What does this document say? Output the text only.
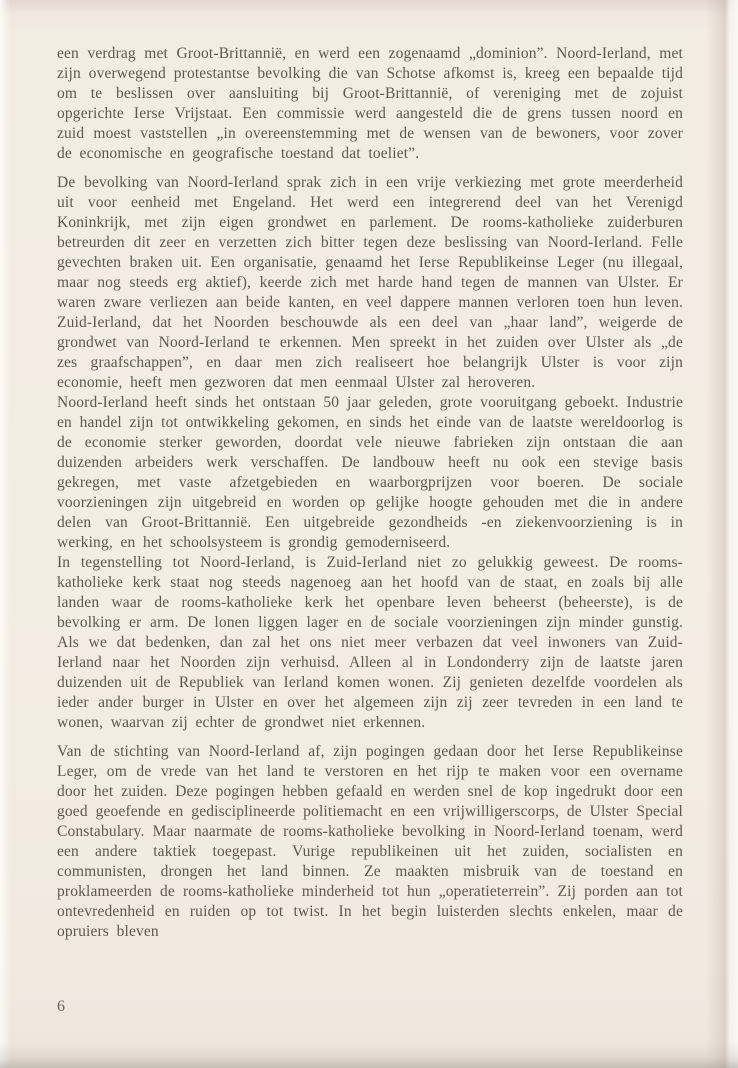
een verdrag met Groot-Brittannië, en werd een zogenaamd „dominion”. Noord-Ierland, met zijn overwegend protestantse bevolking die van Schotse afkomst is, kreeg een bepaalde tijd om te beslissen over aansluiting bij Groot-Brittannië, of vereniging met de zojuist opgerichte Ierse Vrijstaat. Een commissie werd aangesteld die de grens tussen noord en zuid moest vaststellen „in overeenstemming met de wensen van de bewoners, voor zover de economische en geografische toestand dat toeliet”.

De bevolking van Noord-Ierland sprak zich in een vrije verkiezing met grote meerderheid uit voor eenheid met Engeland. Het werd een integrerend deel van het Verenigd Koninkrijk, met zijn eigen grondwet en parlement. De rooms-katholieke zuiderburen betreurden dit zeer en verzetten zich bitter tegen deze beslissing van Noord-Ierland. Felle gevechten braken uit. Een organisatie, genaamd het Ierse Republikeinse Leger (nu illegaal, maar nog steeds erg aktief), keerde zich met harde hand tegen de mannen van Ulster. Er waren zware verliezen aan beide kanten, en veel dappere mannen verloren toen hun leven. Zuid-Ierland, dat het Noorden beschouwde als een deel van „haar land”, weigerde de grondwet van Noord-Ierland te erkennen. Men spreekt in het zuiden over Ulster als „de zes graafschappen”, en daar men zich realiseert hoe belangrijk Ulster is voor zijn economie, heeft men gezworen dat men eenmaal Ulster zal heroveren.

Noord-Ierland heeft sinds het ontstaan 50 jaar geleden, grote vooruitgang geboekt. Industrie en handel zijn tot ontwikkeling gekomen, en sinds het einde van de laatste wereldoorlog is de economie sterker geworden, doordat vele nieuwe fabrieken zijn ontstaan die aan duizenden arbeiders werk verschaffen. De landbouw heeft nu ook een stevige basis gekregen, met vaste afzetgebieden en waarborgprijzen voor boeren. De sociale voorzieningen zijn uitgebreid en worden op gelijke hoogte gehouden met die in andere delen van Groot-Brittannië. Een uitgebreide gezondheids -en ziekenvoorziening is in werking, en het schoolsysteem is grondig gemoderniseerd.

In tegenstelling tot Noord-Ierland, is Zuid-Ierland niet zo gelukkig geweest. De rooms-katholieke kerk staat nog steeds nagenoeg aan het hoofd van de staat, en zoals bij alle landen waar de rooms-katholieke kerk het openbare leven beheerst (beheerste), is de bevolking er arm. De lonen liggen lager en de sociale voorzieningen zijn minder gunstig. Als we dat bedenken, dan zal het ons niet meer verbazen dat veel inwoners van Zuid-Ierland naar het Noorden zijn verhuisd. Alleen al in Londonderry zijn de laatste jaren duizenden uit de Republiek van Ierland komen wonen. Zij genieten dezelfde voordelen als ieder ander burger in Ulster en over het algemeen zijn zij zeer tevreden in een land te wonen, waarvan zij echter de grondwet niet erkennen.

Van de stichting van Noord-Ierland af, zijn pogingen gedaan door het Ierse Republikeinse Leger, om de vrede van het land te verstoren en het rijp te maken voor een overname door het zuiden. Deze pogingen hebben gefaald en werden snel de kop ingedrukt door een goed geoefende en gedisciplineerde politiemacht en een vrijwilligerscorps, de Ulster Special Constabulary. Maar naarmate de rooms-katholieke bevolking in Noord-Ierland toenam, werd een andere taktiek toegepast. Vurige republikeinen uit het zuiden, socialisten en communisten, drongen het land binnen. Ze maakten misbruik van de toestand en proklameerden de rooms-katholieke minderheid tot hun „operatieterrein”. Zij porden aan tot ontevredenheid en ruiden op tot twist. In het begin luisterden slechts enkelen, maar de opruiers bleven

6
